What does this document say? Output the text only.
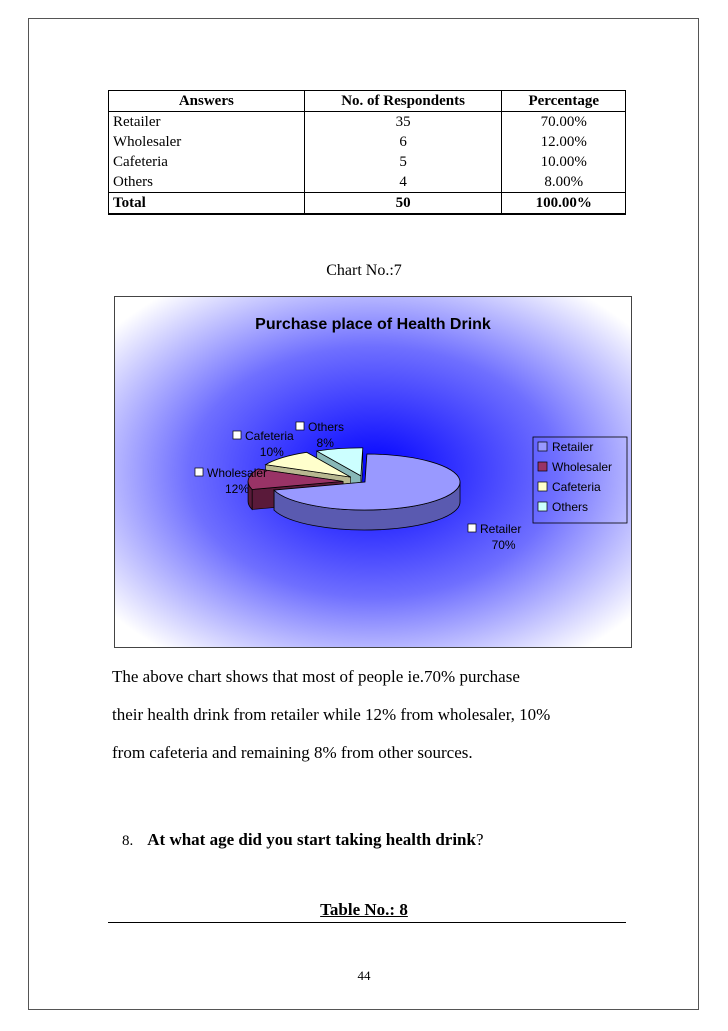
Answers	No. of Respondents	Percentage
Retailer	35	70.00%
Wholesaler	6	12.00%
Cafeteria	5	10.00%
Others	4	8.00%
Total	50	100.00%
Chart No.:7
Purchase place of Health Drink
Retailer
70%
Wholesaler
12%
Cafeteria
10%
Others
8%	Retailer
Wholesaler
Cafeteria
Others
The above chart shows that most of people ie.70% purchase
their health drink from retailer while 12% from wholesaler, 10%
from cafeteria and remaining 8% from other sources.
8. At what age did you start taking health drink?
Table No.: 8
44
